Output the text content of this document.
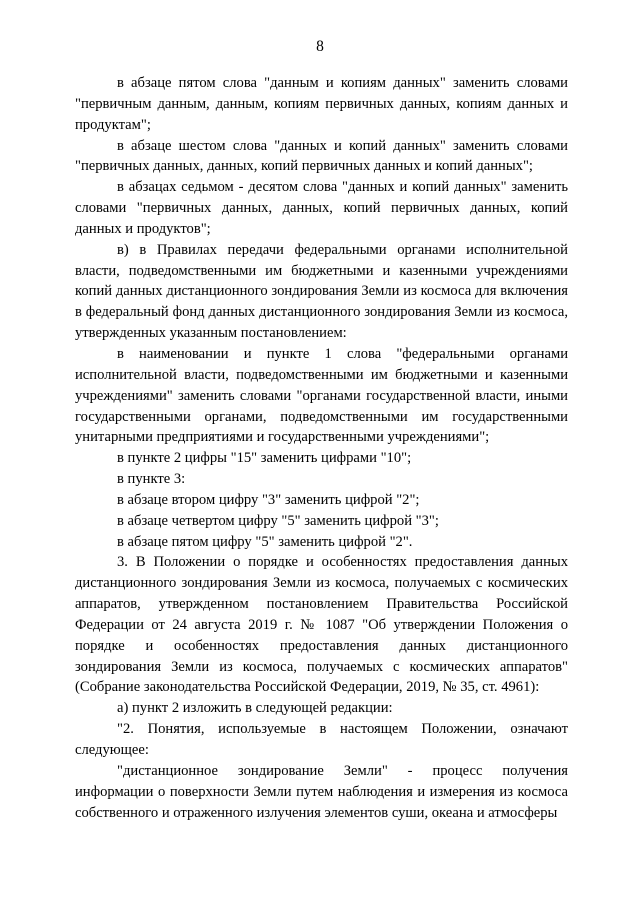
8

в абзаце пятом слова "данным и копиям данных" заменить словами "первичным данным, данным, копиям первичных данных, копиям данных и продуктам";

в абзаце шестом слова "данных и копий данных" заменить словами "первичных данных, данных, копий первичных данных и копий данных";

в абзацах седьмом - десятом слова "данных и копий данных" заменить словами "первичных данных, данных, копий первичных данных, копий данных и продуктов";

в) в Правилах передачи федеральными органами исполнительной власти, подведомственными им бюджетными и казенными учреждениями копий данных дистанционного зондирования Земли из космоса для включения в федеральный фонд данных дистанционного зондирования Земли из космоса, утвержденных указанным постановлением:

в наименовании и пункте 1 слова "федеральными органами исполнительной власти, подведомственными им бюджетными и казенными учреждениями" заменить словами "органами государственной власти, иными государственными органами, подведомственными им государственными унитарными предприятиями и государственными учреждениями";

в пункте 2 цифры "15" заменить цифрами "10";

в пункте 3:

в абзаце втором цифру "3" заменить цифрой "2";

в абзаце четвертом цифру "5" заменить цифрой "3";

в абзаце пятом цифру "5" заменить цифрой "2".

3. В Положении о порядке и особенностях предоставления данных дистанционного зондирования Земли из космоса, получаемых с космических аппаратов, утвержденном постановлением Правительства Российской Федерации от 24 августа 2019 г. № 1087 "Об утверждении Положения о порядке и особенностях предоставления данных дистанционного зондирования Земли из космоса, получаемых с космических аппаратов" (Собрание законодательства Российской Федерации, 2019, № 35, ст. 4961):

а) пункт 2 изложить в следующей редакции:

"2. Понятия, используемые в настоящем Положении, означают следующее:

"дистанционное зондирование Земли" - процесс получения информации о поверхности Земли путем наблюдения и измерения из космоса собственного и отраженного излучения элементов суши, океана и атмосферы
